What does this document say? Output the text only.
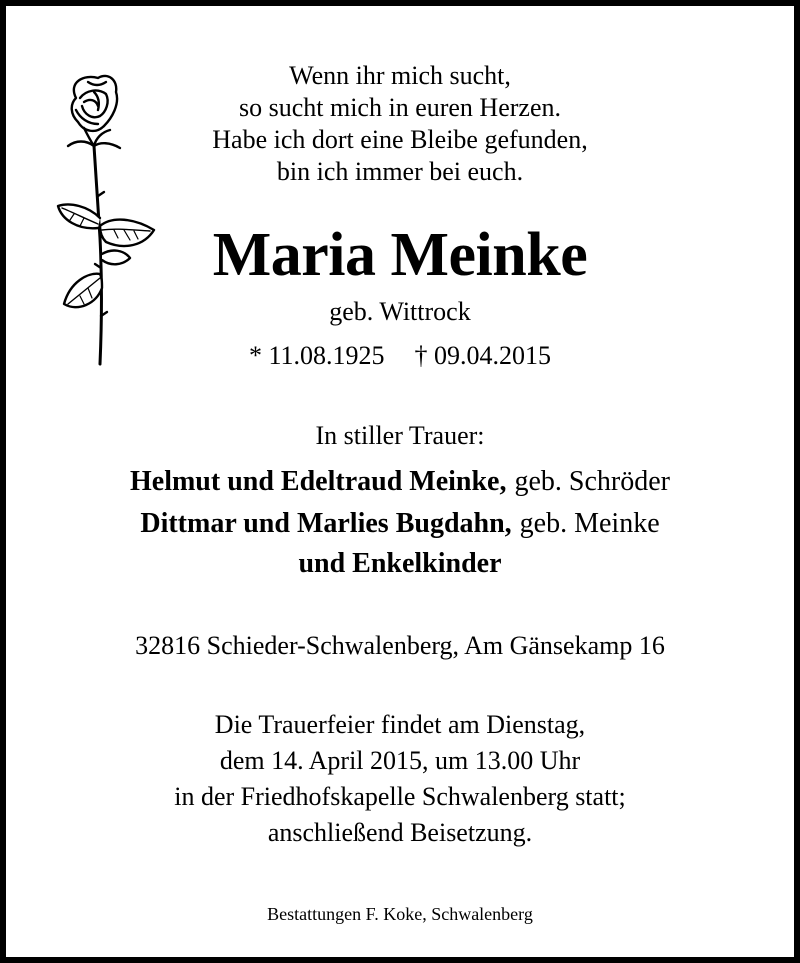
Wenn ihr mich sucht,
so sucht mich in euren Herzen.
Habe ich dort eine Bleibe gefunden,
bin ich immer bei euch.
Maria Meinke
geb. Wittrock
* 11.08.1925 † 09.04.2015
In stiller Trauer:
Helmut und Edeltraud Meinke, geb. Schröder
Dittmar und Marlies Bugdahn, geb. Meinke
und Enkelkinder
32816 Schieder-Schwalenberg, Am Gänsekamp 16
Die Trauerfeier findet am Dienstag,
dem 14. April 2015, um 13.00 Uhr
in der Friedhofskapelle Schwalenberg statt;
anschließend Beisetzung.
Bestattungen F. Koke, Schwalenberg
